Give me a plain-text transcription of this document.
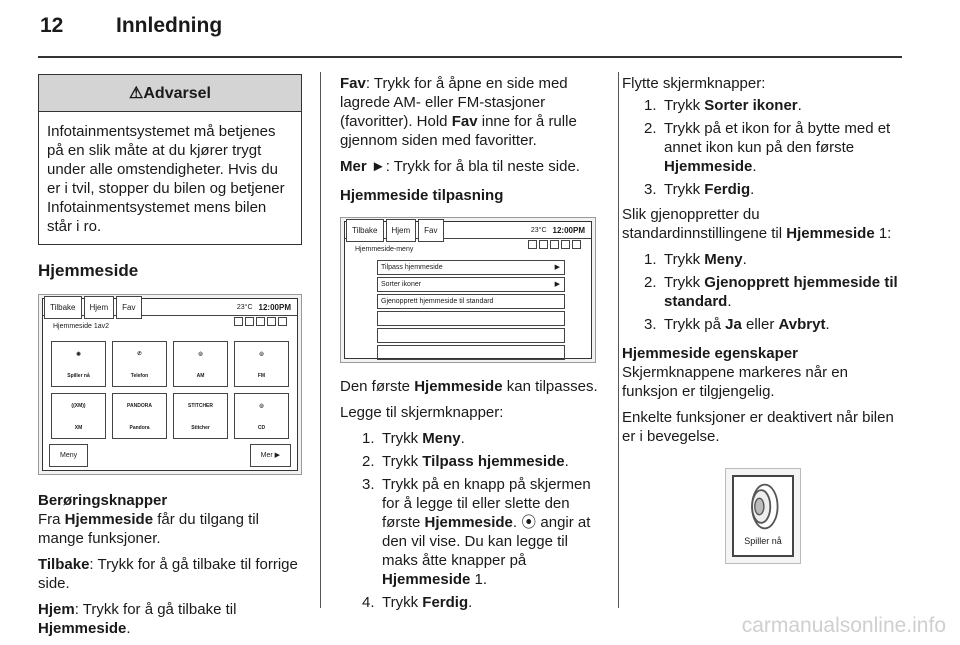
12	Innledning
⚠Advarsel
Infotainmentsystemet må betjenes på en slik måte at du kjører trygt under alle omstendigheter. Hvis du er i tvil, stopper du bilen og betjener Infotainmentsystemet mens bilen står i ro.
Hjemmeside
Tilbake	Hjem	Fav	23°C 12:00PM
Hjemmeside 1av2
◉
Spiller nå
✆
Telefon
◎
AM
◎
FM
((XM))
XM
PANDORA
Pandora
STITCHER
Stitcher
◎
CD
Meny	Mer ▶

Berøringsknapper

Fra Hjemmeside får du tilgang til mange funksjoner.

Tilbake: Trykk for å gå tilbake til forrige side.

Hjem: Trykk for å gå tilbake til Hjemmeside.

Fav: Trykk for å åpne en side med lagrede AM- eller FM-stasjoner (favoritter). Hold Fav inne for å rulle gjennom siden med favoritter.

Mer ►: Trykk for å bla til neste side.

Hjemmeside tilpasning

Tilbake	Hjem	Fav	23°C 12:00PM
Hjemmeside-meny
Tilpass hjemmeside	▶
Sorter ikoner	▶
Gjenopprett hjemmeside til standard

Den første Hjemmeside kan tilpasses.

Legge til skjermknapper:

1. Trykk Meny.
2. Trykk Tilpass hjemmeside.
3. Trykk på en knapp på skjermen for å legge til eller slette den første Hjemmeside. ⦿ angir at den vil vise. Du kan legge til maks åtte knapper på Hjemmeside 1.
4. Trykk Ferdig.

Flytte skjermknapper:

1. Trykk Sorter ikoner.
2. Trykk på et ikon for å bytte med et annet ikon kun på den første Hjemmeside.
3. Trykk Ferdig.

Slik gjenoppretter du standardinnstillingene til Hjemmeside 1:

1. Trykk Meny.
2. Trykk Gjenopprett hjemmeside til standard.
3. Trykk på Ja eller Avbryt.

Hjemmeside egenskaper

Skjermknappene markeres når en funksjon er tilgjengelig.

Enkelte funksjoner er deaktivert når bilen er i bevegelse.

Spiller nå
carmanualsonline.info
